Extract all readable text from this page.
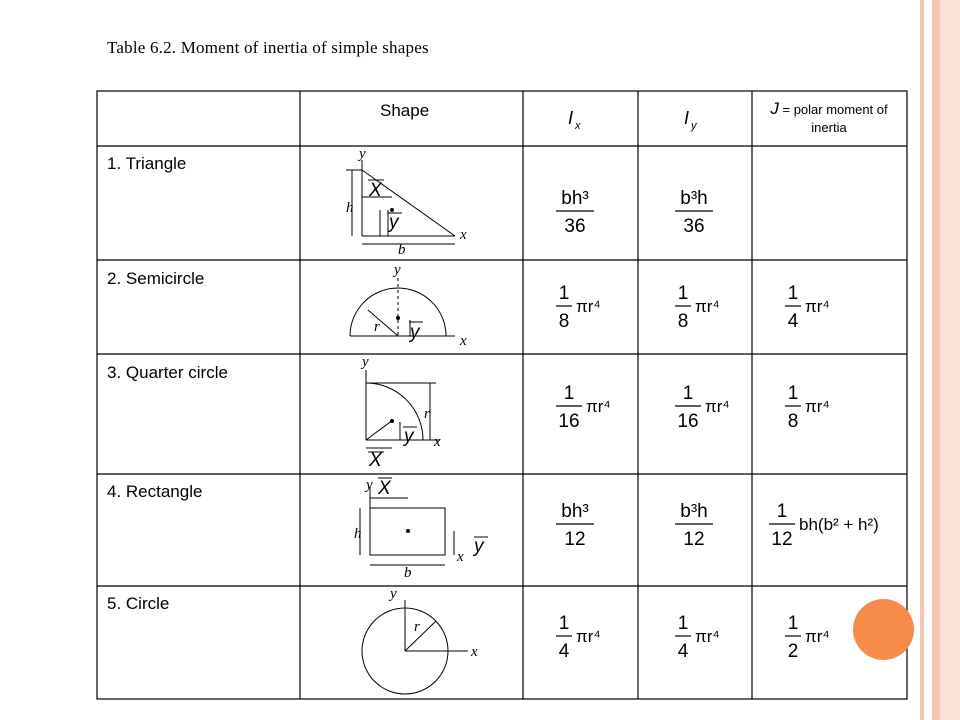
Table 6.2. Moment of inertia of simple shapes
I x	I y
y
x
h
b
X
y
y
x
r y
y
x
r
X
y
y
x
h
b
X
y
y
x
r
bh³
36
b³h
36
1
8
πr⁴
1
8
πr⁴
1
4
πr⁴
1
16
πr⁴
1
16
πr⁴
1
8
πr⁴
bh³
12
b³h
12
1
12
bh(b² + h²)
1
4
πr⁴
1
4
πr⁴
1
2
πr⁴
Shape	J = polar moment of inertia
1. Triangle
2. Semicircle
3. Quarter circle
4. Rectangle
5. Circle
